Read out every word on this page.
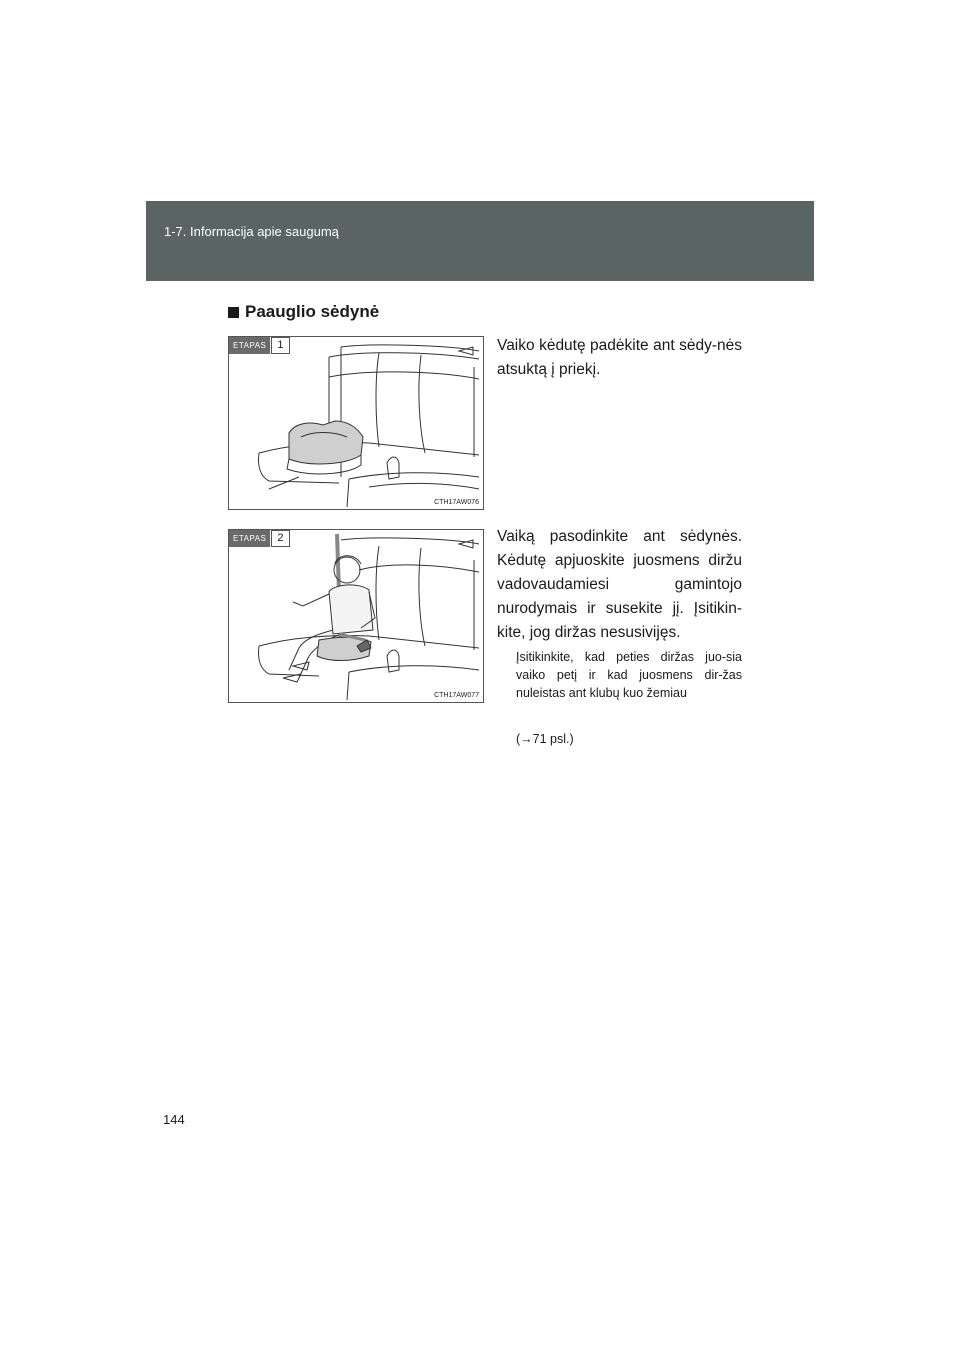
1-7. Informacija apie saugumą
Paauglio sėdynė
ETAPAS	1
CTH17AW076

Vaiko kėdutę padėkite ant sėdy-nės atsuktą į priekį.

ETAPAS	2
CTH17AW077

Vaiką pasodinkite ant sėdynės. Kėdutę apjuoskite juosmens diržu vadovaudamiesi gamintojo nurodymais ir susekite jį. Įsitikin-kite, jog diržas nesusivijęs.

Įsitikinkite, kad peties diržas juo-sia vaiko petį ir kad juosmens dir-žas nuleistas ant klubų kuo žemiau

(→71 psl.)
144
